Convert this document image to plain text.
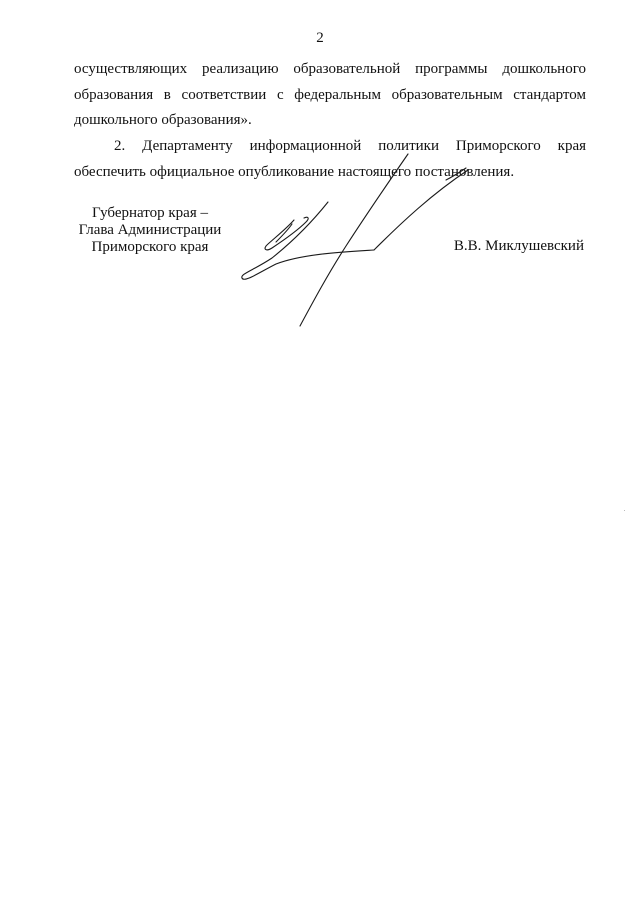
2
осуществляющих реализацию образовательной программы дошкольного
образования в соответствии с федеральным образовательным стандартом
дошкольного образования».
2. Департаменту информационной политики Приморского края
обеспечить официальное опубликование настоящего постановления.
Губернатор края –
Глава Администрации
Приморского края	В.В. Миклушевский
